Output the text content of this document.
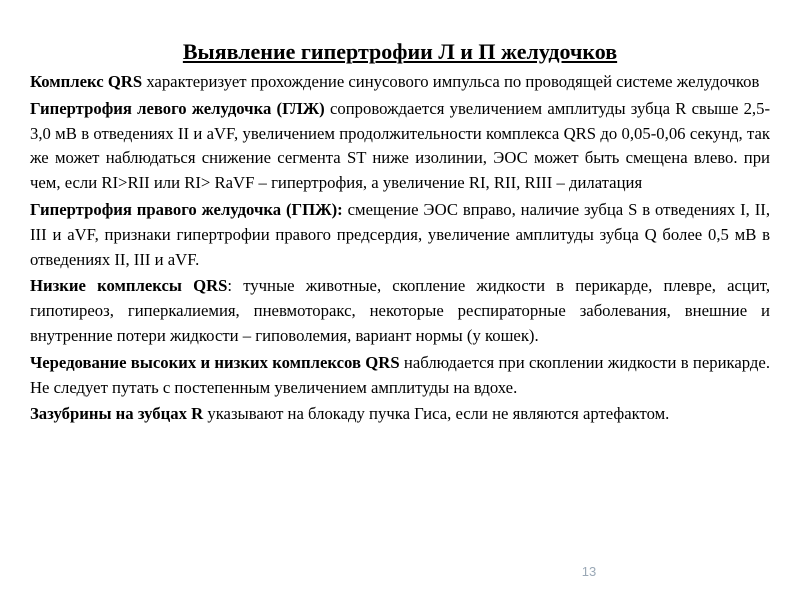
Выявление гипертрофии Л и П желудочков

Комплекс QRS характеризует прохождение синусового импульса по проводящей системе желудочков

Гипертрофия левого желудочка (ГЛЖ) сопровождается увеличением амплитуды зубца R свыше 2,5-3,0 мВ в отведениях II и aVF, увеличением продолжительности комплекса QRS до 0,05-0,06 секунд, так же может наблюдаться снижение сегмента ST ниже изолинии, ЭОС может быть смещена влево. при чем, если RI>RII или RI> RaVF – гипертрофия, а увеличение RI, RII, RIII – дилатация

Гипертрофия правого желудочка (ГПЖ): смещение ЭОС вправо, наличие зубца S в отведениях I, II, III и aVF, признаки гипертрофии правого предсердия, увеличение амплитуды зубца Q более 0,5 мВ в отведениях II, III и aVF.

Низкие комплексы QRS: тучные животные, скопление жидкости в перикарде, плевре, асцит, гипотиреоз, гиперкалиемия, пневмоторакс, некоторые респираторные заболевания, внешние и внутренние потери жидкости – гиповолемия, вариант нормы (у кошек).

Чередование высоких и низких комплексов QRS наблюдается при скоплении жидкости в перикарде. Не следует путать с постепенным увеличением амплитуды на вдохе.

Зазубрины на зубцах R указывают на блокаду пучка Гиса, если не являются артефактом.

13
